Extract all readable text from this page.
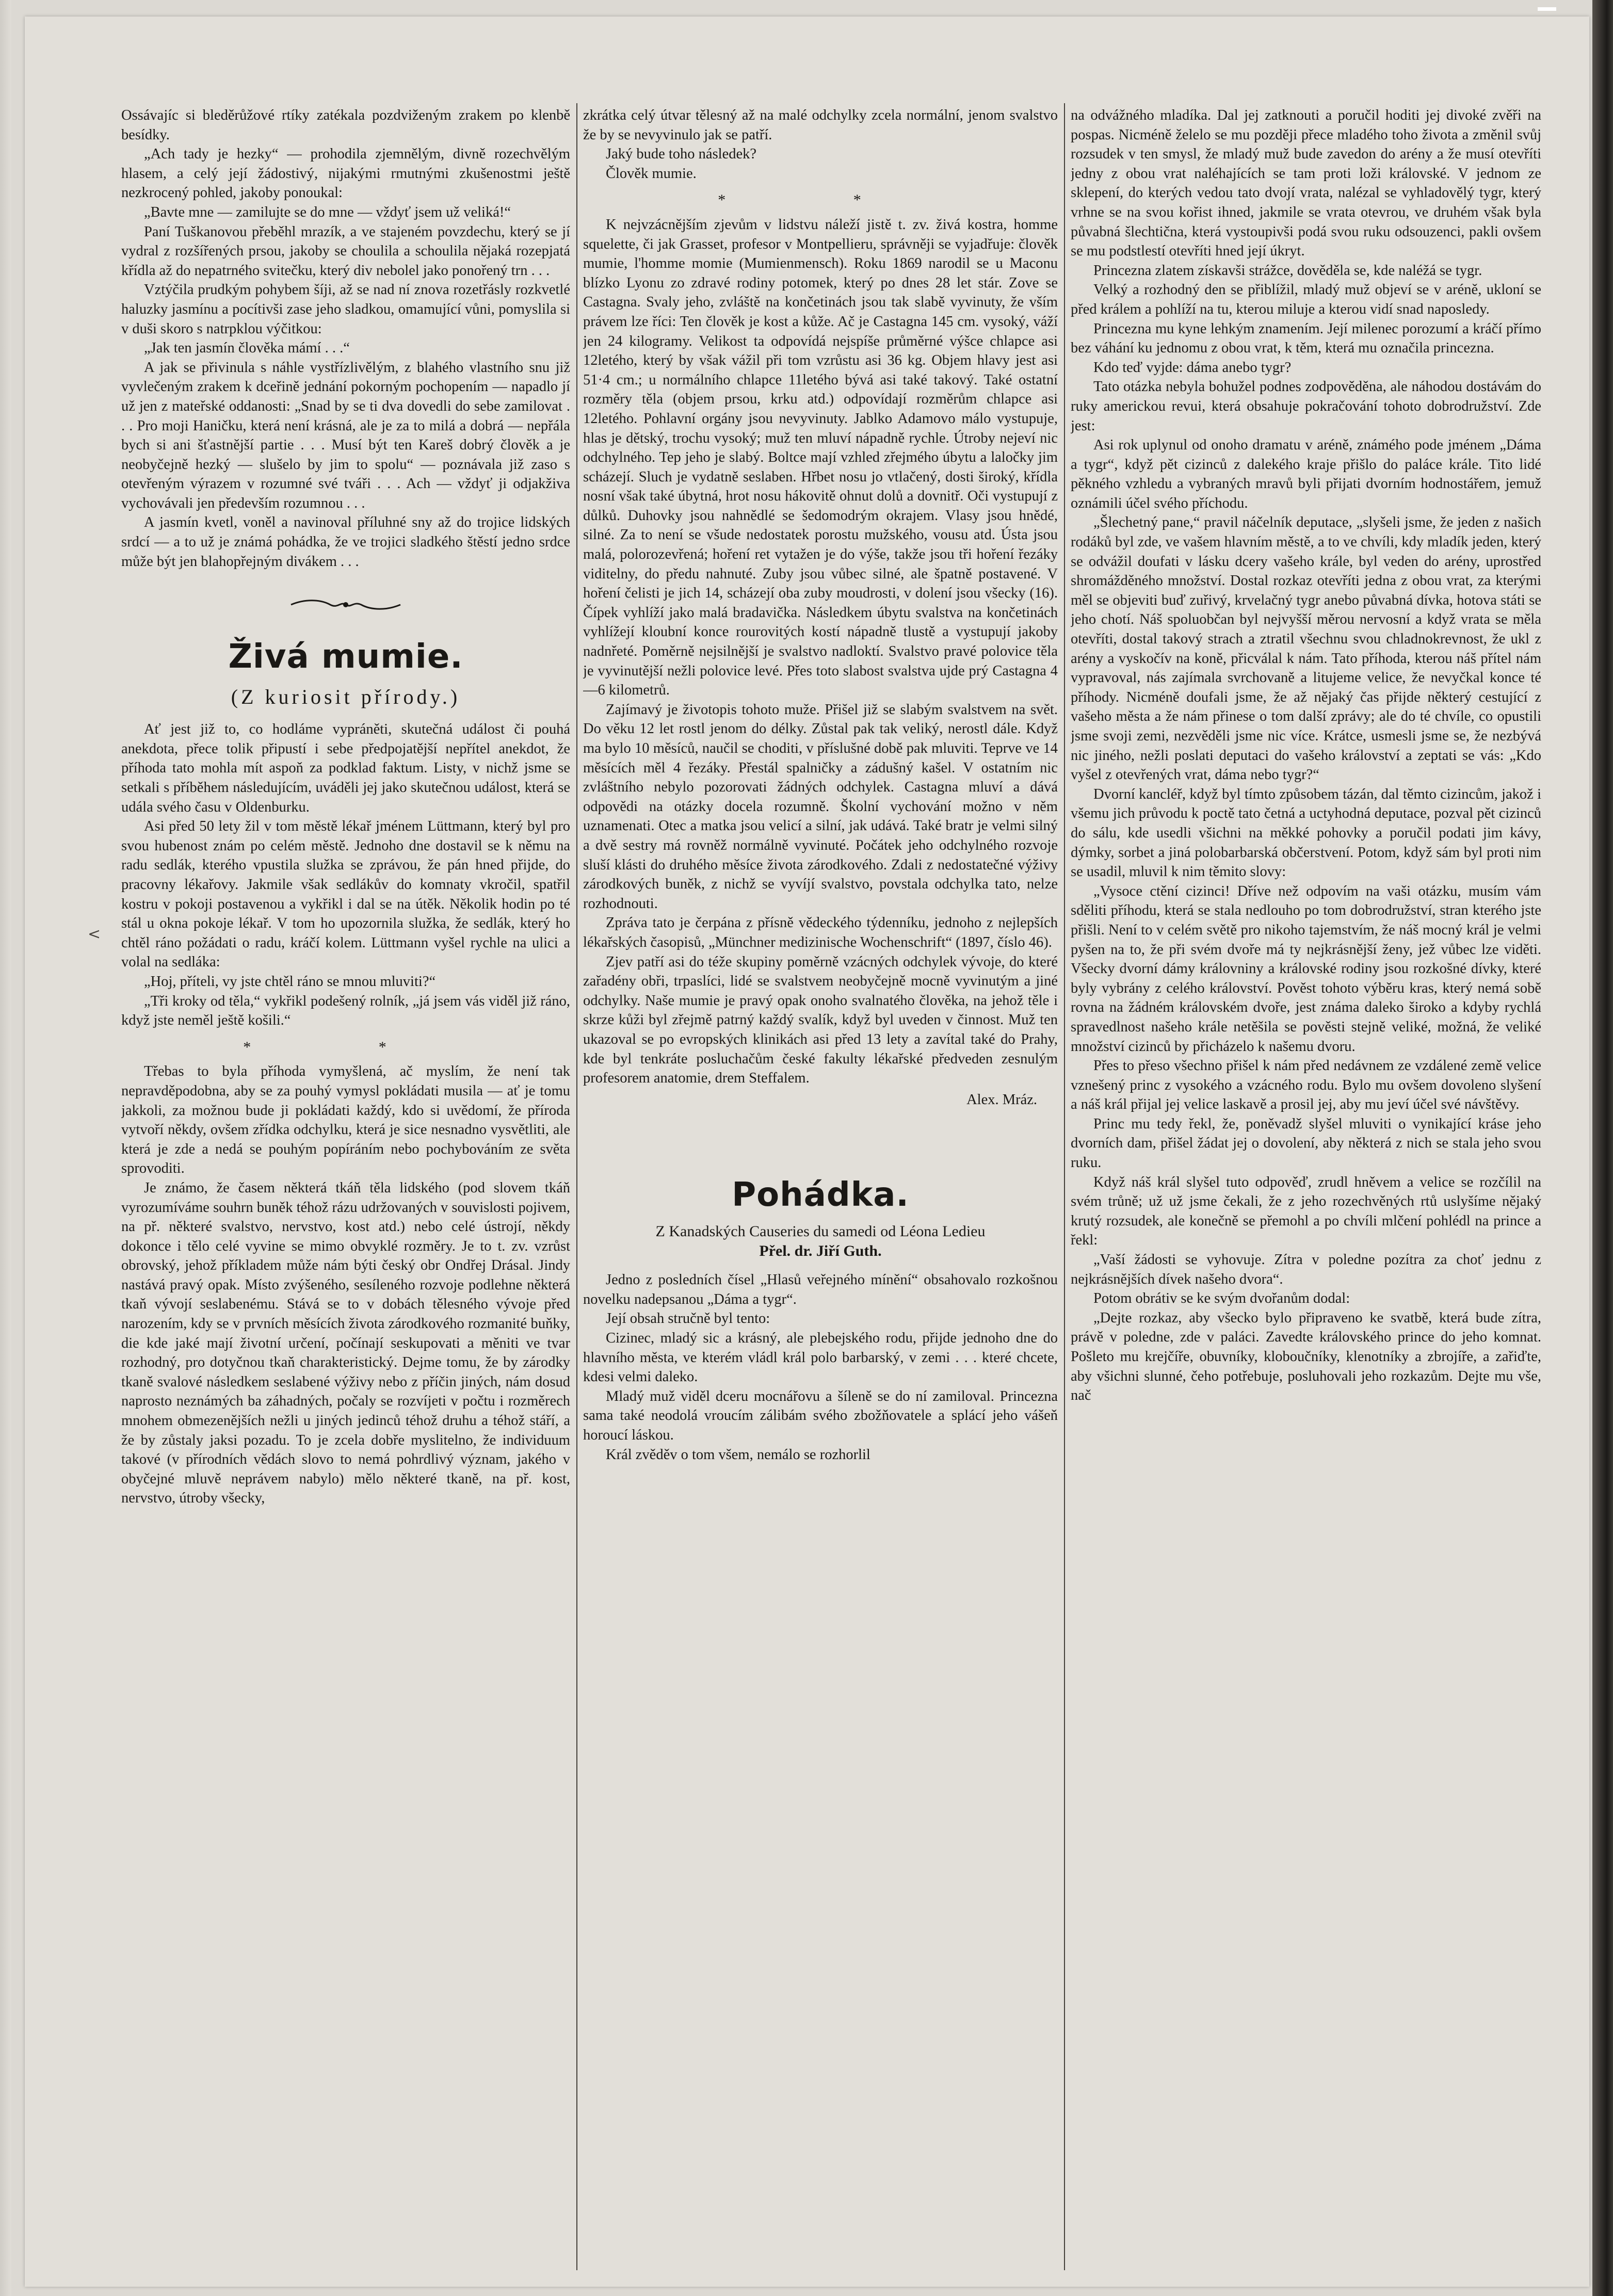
<

Ossávajíc si bleděrůžové rtíky zatékala pozdviženým zrakem po klenbě besídky.

„Ach tady je hezky“ — prohodila zjemnělým, divně rozechvělým hlasem, a celý její žádostivý, nijakými rmutnými zkušenostmi ještě nezkrocený pohled, jakoby ponoukal:

„Bavte mne — zamilujte se do mne — vždyť jsem už veliká!“

Paní Tuškanovou přeběhl mrazík, a ve stajeném povzdechu, který se jí vydral z rozšířených prsou, jakoby se choulila a schoulila nějaká rozepjatá křídla až do nepatrného svitečku, který div nebolel jako ponořený trn . . .

Vztýčila prudkým pohybem šíji, až se nad ní znova rozetřásly rozkvetlé haluzky jasmínu a pocítivši zase jeho sladkou, omamující vůni, pomyslila si v duši skoro s natrpklou výčitkou:

„Jak ten jasmín člověka mámí . . .“

A jak se přivinula s náhle vystřízlivělým, z blahého vlastního snu již vyvlečeným zrakem k dceřině jednání pokorným pochopením — napadlo jí už jen z mateřské oddanosti: „Snad by se ti dva dovedli do sebe zamilovat . . . Pro moji Haničku, která není krásná, ale je za to milá a dobrá — nepřála bych si ani šťastnější partie . . . Musí být ten Kareš dobrý člověk a je neobyčejně hezký — slušelo by jim to spolu“ — poznávala již zaso s otevřeným výrazem v rozumné své tváři . . . Ach — vždyť ji odjakživa vychovávali jen především rozumnou . . .

A jasmín kvetl, voněl a navinoval příluhné sny až do trojice lidských srdcí — a to už je známá pohádka, že ve trojici sladkého štěstí jedno srdce může být jen blahopřejným divákem . . .

Živá mumie.
(Z kuriosit přírody.)

Ať jest již to, co hodláme vypráněti, skutečná událost či pouhá anekdota, přece tolik připustí i sebe předpojatější nepřítel anekdot, že příhoda tato mohla mít aspoň za podklad faktum. Listy, v nichž jsme se setkali s příběhem následujícím, uváděli jej jako skutečnou událost, která se udála svého času v Oldenburku.

Asi před 50 lety žil v tom městě lékař jménem Lüttmann, který byl pro svou hubenost znám po celém městě. Jednoho dne dostavil se k němu na radu sedlák, kterého vpustila služka se zprávou, že pán hned přijde, do pracovny lékařovy. Jakmile však sedlákův do komnaty vkročil, spatřil kostru v pokoji postavenou a vykřikl i dal se na útěk. Několik hodin po té stál u okna pokoje lékař. V tom ho upozornila služka, že sedlák, který ho chtěl ráno požádati o radu, kráčí kolem. Lüttmann vyšel rychle na ulici a volal na sedláka:

„Hoj, příteli, vy jste chtěl ráno se mnou mluviti?“

„Tři kroky od těla,“ vykřikl podešený rolník, „já jsem vás viděl již ráno, když jste neměl ještě košili.“

*	*

Třebas to byla příhoda vymyšlená, ač myslím, že není tak nepravděpodobna, aby se za pouhý vymysl pokládati musila — ať je tomu jakkoli, za možnou bude ji pokládati každý, kdo si uvědomí, že příroda vytvoří někdy, ovšem zřídka odchylku, která je sice nesnadno vysvětliti, ale která je zde a nedá se pouhým popíráním nebo pochybováním ze světa sprovoditi.

Je známo, že časem některá tkáň těla lidského (pod slovem tkáň vyrozumíváme souhrn buněk téhož rázu udržovaných v souvislosti pojivem, na př. některé svalstvo, nervstvo, kost atd.) nebo celé ústrojí, někdy dokonce i tělo celé vyvine se mimo obvyklé rozměry. Je to t. zv. vzrůst obrovský, jehož příkladem může nám býti český obr Ondřej Drásal. Jindy nastává pravý opak. Místo zvýšeného, sesíleného rozvoje podlehne některá tkaň vývojí seslabenému. Stává se to v dobách tělesného vývoje před narozením, kdy se v prvních měsících života zárodkového rozmanité buňky, die kde jaké mají životní určení, počínají seskupovati a měniti ve tvar rozhodný, pro dotyčnou tkaň charakteristický. Dejme tomu, že by zárodky tkaně svalové následkem seslabené výživy nebo z příčin jiných, nám dosud naprosto neznámých ba záhadných, počaly se rozvíjeti v počtu i rozměrech mnohem obmezenějších nežli u jiných jedinců téhož druhu a téhož stáří, a že by zůstaly jaksi pozadu. To je zcela dobře myslitelno, že individuum takové (v přírodních vědách slovo to nemá pohrdlivý význam, jakého v obyčejné mluvě neprávem nabylo) mělo některé tkaně, na př. kost, nervstvo, útroby všecky,

zkrátka celý útvar tělesný až na malé odchylky zcela normální, jenom svalstvo že by se nevyvinulo jak se patří.

Jaký bude toho následek?

Člověk mumie.

*	*

K nejvzácnějším zjevům v lidstvu náleží jistě t. zv. živá kostra, homme squelette, či jak Grasset, profesor v Montpellieru, správněji se vyjadřuje: člověk mumie, l'homme momie (Mumienmensch). Roku 1869 narodil se u Maconu blízko Lyonu zo zdravé rodiny potomek, který po dnes 28 let stár. Zove se Castagna. Svaly jeho, zvláště na končetinách jsou tak slabě vyvinuty, že vším právem lze říci: Ten člověk je kost a kůže. Ač je Castagna 145 cm. vysoký, váží jen 24 kilogramy. Velikost ta odpovídá nejspíše průměrné výšce chlapce asi 12letého, který by však vážil při tom vzrůstu asi 36 kg. Objem hlavy jest asi 51·4 cm.; u normálního chlapce 11letého bývá asi také takový. Také ostatní rozměry těla (objem prsou, krku atd.) odpovídají rozměrům chlapce asi 12letého. Pohlavní orgány jsou nevyvinuty. Jablko Adamovo málo vystupuje, hlas je dětský, trochu vysoký; muž ten mluví nápadně rychle. Útroby nejeví nic odchylného. Tep jeho je slabý. Boltce mají vzhled zřejmého úbytu a laločky jim scházejí. Sluch je vydatně seslaben. Hřbet nosu jo vtlačený, dosti široký, křídla nosní však také úbytná, hrot nosu hákovitě ohnut dolů a dovnitř. Oči vystupují z důlků. Duhovky jsou nahnědlé se šedomodrým okrajem. Vlasy jsou hnědé, silné. Za to není se všude nedostatek porostu mužského, vousu atd. Ústa jsou malá, polorozevřená; hoření ret vytažen je do výše, takže jsou tři hoření řezáky viditelny, do předu nahnuté. Zuby jsou vůbec silné, ale špatně postavené. V hoření čelisti je jich 14, scházejí oba zuby moudrosti, v dolení jsou všecky (16). Čípek vyhlíží jako malá bradavička. Následkem úbytu svalstva na končetinách vyhlížejí kloubní konce rourovitých kostí nápadně tlustě a vystupují jakoby nadnřeté. Poměrně nejsilnější je svalstvo nadloktí. Svalstvo pravé polovice těla je vyvinutější nežli polovice levé. Přes toto slabost svalstva ujde prý Castagna 4—6 kilometrů.

Zajímavý je životopis tohoto muže. Přišel již se slabým svalstvem na svět. Do věku 12 let rostl jenom do délky. Zůstal pak tak veliký, nerostl dále. Když ma bylo 10 měsíců, naučil se choditi, v příslušné době pak mluviti. Teprve ve 14 měsících měl 4 řezáky. Přestál spalničky a zádušný kašel. V ostatním nic zvláštního nebylo pozorovati žádných odchylek. Castagna mluví a dává odpovědi na otázky docela rozumně. Školní vychování možno v něm uznamenati. Otec a matka jsou velicí a silní, jak udává. Také bratr je velmi silný a dvě sestry má rovněž normálně vyvinuté. Počátek jeho odchylného rozvoje sluší klásti do druhého měsíce života zárodkového. Zdali z nedostatečné výživy zárodkových buněk, z nichž se vyvíjí svalstvo, povstala odchylka tato, nelze rozhodnouti.

Zpráva tato je čerpána z přísně vědeckého týdenníku, jednoho z nejlepších lékařských časopisů, „Münchner medizinische Wochenschrift“ (1897, číslo 46).

Zjev patří asi do téže skupiny poměrně vzácných odchylek vývoje, do které zařadény obři, trpaslíci, lidé se svalstvem neobyčejně mocně vyvinutým a jiné odchylky. Naše mumie je pravý opak onoho svalnatého člověka, na jehož těle i skrze kůži byl zřejmě patrný každý svalík, když byl uveden v činnost. Muž ten ukazoval se po evropských klinikách asi před 13 lety a zavítal také do Prahy, kde byl tenkráte posluchačům české fakulty lékařské předveden zesnulým profesorem anatomie, drem Steffalem.

Alex. Mráz.

Pohádka.
Z Kanadských Causeries du samedi od Léona Ledieu
Přel. dr. Jiří Guth.

Jedno z posledních čísel „Hlasů veřejného mínění“ obsahovalo rozkošnou novelku nadepsanou „Dáma a tygr“.

Její obsah stručně byl tento:

Cizinec, mladý sic a krásný, ale plebejského rodu, přijde jednoho dne do hlavního města, ve kterém vládl král polo barbarský, v zemi . . . které chcete, kdesi velmi daleko.

Mladý muž viděl dceru mocnářovu a šíleně se do ní zamiloval. Princezna sama také neodolá vroucím zálibám svého zbožňovatele a splácí jeho vášeň horoucí láskou.

Král zvěděv o tom všem, nemálo se rozhorlil

na odvážného mladíka. Dal jej zatknouti a poručil hoditi jej divoké zvěři na pospas. Nicméně želelo se mu později přece mladého toho života a změnil svůj rozsudek v ten smysl, že mladý muž bude zavedon do arény a že musí otevříti jedny z obou vrat naléhajících se tam proti loži královské. V jednom ze sklepení, do kterých vedou tato dvojí vrata, nalézal se vyhladovělý tygr, který vrhne se na svou kořist ihned, jakmile se vrata otevrou, ve druhém však byla půvabná šlechtična, která vystoupivši podá svou ruku odsouzenci, pakli ovšem se mu podstlestí otevříti hned její úkryt.

Princezna zlatem získavši strážce, dověděla se, kde naléžá se tygr.

Velký a rozhodný den se přiblížil, mladý muž objeví se v aréně, ukloní se před králem a pohlíží na tu, kterou miluje a kterou vidí snad naposledy.

Princezna mu kyne lehkým znamením. Její milenec porozumí a kráčí přímo bez váhání ku jednomu z obou vrat, k těm, která mu označila princezna.

Kdo teď vyjde: dáma anebo tygr?

Tato otázka nebyla bohužel podnes zodpověděna, ale náhodou dostávám do ruky americkou revui, která obsahuje pokračování tohoto dobrodružství. Zde jest:

Asi rok uplynul od onoho dramatu v aréně, známého pode jménem „Dáma a tygr“, když pět cizinců z dalekého kraje přišlo do paláce krále. Tito lidé pěkného vzhledu a vybraných mravů byli přijati dvorním hodnostářem, jemuž oznámili účel svého příchodu.

„Šlechetný pane,“ pravil náčelník deputace, „slyšeli jsme, že jeden z našich rodáků byl zde, ve vašem hlavním městě, a to ve chvíli, kdy mladík jeden, který se odvážil doufati v lásku dcery vašeho krále, byl veden do arény, uprostřed shromážděného množství. Dostal rozkaz otevříti jedna z obou vrat, za kterými měl se objeviti buď zuřivý, krvelačný tygr anebo půvabná dívka, hotova státi se jeho chotí. Náš spoluobčan byl nejvyšší měrou nervosní a když vrata se měla otevříti, dostal takový strach a ztratil všechnu svou chladnokrevnost, že ukl z arény a vyskočív na koně, přicválal k nám. Tato příhoda, kterou náš přítel nám vypravoval, nás zajímala svrchovaně a litujeme velice, že nevyčkal konce té příhody. Nicméně doufali jsme, že až nějaký čas přijde některý cestující z vašeho města a že nám přinese o tom další zprávy; ale do té chvíle, co opustili jsme svoji zemi, nezvěděli jsme nic více. Krátce, usmesli jsme se, že nezbývá nic jiného, nežli poslati deputaci do vašeho království a zeptati se vás: „Kdo vyšel z otevřených vrat, dáma nebo tygr?“

Dvorní kancléř, když byl tímto způsobem tázán, dal těmto cizincům, jakož i všemu jich průvodu k poctě tato četná a uctyhodná deputace, pozval pět cizinců do sálu, kde usedli všichni na měkké pohovky a poručil podati jim kávy, dýmky, sorbet a jiná polobarbarská občerstvení. Potom, když sám byl proti nim se usadil, mluvil k nim těmito slovy:

„Vysoce ctění cizinci! Dříve než odpovím na vaši otázku, musím vám sděliti příhodu, která se stala nedlouho po tom dobrodružství, stran kterého jste přišli. Není to v celém světě pro nikoho tajemstvím, že náš mocný král je velmi pyšen na to, že při svém dvoře má ty nejkrásnější ženy, jež vůbec lze viděti. Všecky dvorní dámy královniny a královské rodiny jsou rozkošné dívky, které byly vybrány z celého království. Pověst tohoto výběru kras, který nemá sobě rovna na žádném královském dvoře, jest známa daleko široko a kdyby rychlá spravedlnost našeho krále netěšila se pověsti stejně veliké, možná, že veliké množství cizinců by přicházelo k našemu dvoru.

Přes to přeso všechno přišel k nám před nedávnem ze vzdálené země velice vznešený princ z vysokého a vzácného rodu. Bylo mu ovšem dovoleno slyšení a náš král přijal jej velice laskavě a prosil jej, aby mu jeví účel své návštěvy.

Princ mu tedy řekl, že, poněvadž slyšel mluviti o vynikající kráse jeho dvorních dam, přišel žádat jej o dovolení, aby některá z nich se stala jeho svou ruku.

Když náš král slyšel tuto odpověď, zrudl hněvem a velice se rozčílil na svém trůně; už už jsme čekali, že z jeho rozechvěných rtů uslyšíme nějaký krutý rozsudek, ale konečně se přemohl a po chvíli mlčení pohlédl na prince a řekl:

„Vaší žádosti se vyhovuje. Zítra v poledne pozítra za choť jednu z nejkrásnějších dívek našeho dvora“.

Potom obrátiv se ke svým dvořanům dodal:

„Dejte rozkaz, aby všecko bylo připraveno ke svatbě, která bude zítra, právě v poledne, zde v paláci. Zavedte královského prince do jeho komnat. Pošleto mu krejčíře, obuvníky, kloboučníky, klenotníky a zbrojíře, a zařiďte, aby všichni slunné, čeho potřebuje, posluhovali jeho rozkazům. Dejte mu vše, nač
